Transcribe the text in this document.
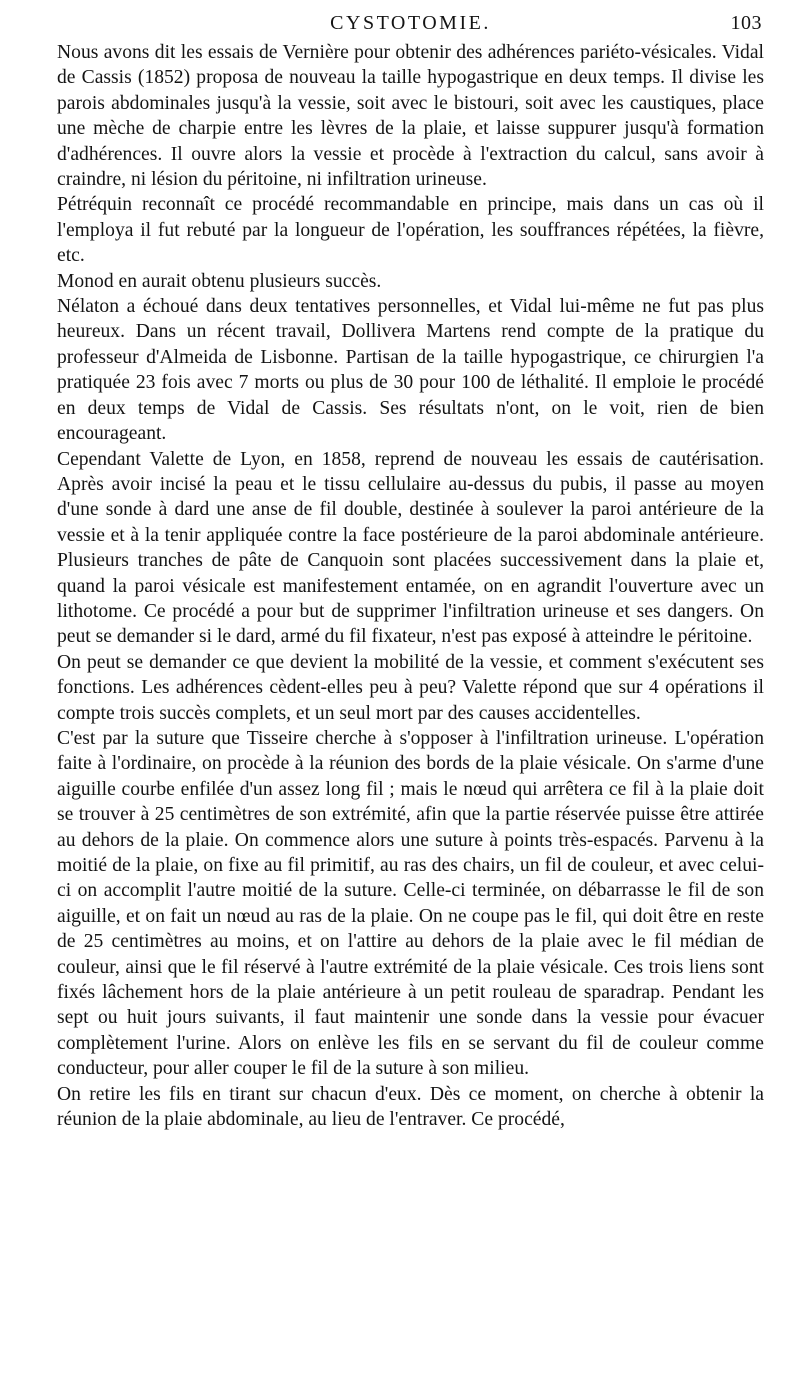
CYSTOTOMIE.	103

Nous avons dit les essais de Vernière pour obtenir des adhérences pariéto-vésicales. Vidal de Cassis (1852) proposa de nouveau la taille hypogastrique en deux temps. Il divise les parois abdominales jusqu'à la vessie, soit avec le bistouri, soit avec les caustiques, place une mèche de charpie entre les lèvres de la plaie, et laisse suppurer jusqu'à formation d'adhérences. Il ouvre alors la vessie et procède à l'extraction du calcul, sans avoir à craindre, ni lésion du péritoine, ni infiltration urineuse.

Pétréquin reconnaît ce procédé recommandable en principe, mais dans un cas où il l'employa il fut rebuté par la longueur de l'opération, les souffrances répétées, la fièvre, etc.

Monod en aurait obtenu plusieurs succès.

Nélaton a échoué dans deux tentatives personnelles, et Vidal lui-même ne fut pas plus heureux. Dans un récent travail, Dollivera Martens rend compte de la pratique du professeur d'Almeida de Lisbonne. Partisan de la taille hypogastrique, ce chirurgien l'a pratiquée 23 fois avec 7 morts ou plus de 30 pour 100 de léthalité. Il emploie le procédé en deux temps de Vidal de Cassis. Ses résultats n'ont, on le voit, rien de bien encourageant.

Cependant Valette de Lyon, en 1858, reprend de nouveau les essais de cautérisation. Après avoir incisé la peau et le tissu cellulaire au-dessus du pubis, il passe au moyen d'une sonde à dard une anse de fil double, destinée à soulever la paroi antérieure de la vessie et à la tenir appliquée contre la face postérieure de la paroi abdominale antérieure. Plusieurs tranches de pâte de Canquoin sont placées successivement dans la plaie et, quand la paroi vésicale est manifestement entamée, on en agrandit l'ouverture avec un lithotome. Ce procédé a pour but de supprimer l'infiltration urineuse et ses dangers. On peut se demander si le dard, armé du fil fixateur, n'est pas exposé à atteindre le péritoine.

On peut se demander ce que devient la mobilité de la vessie, et comment s'exécutent ses fonctions. Les adhérences cèdent-elles peu à peu? Valette répond que sur 4 opérations il compte trois succès complets, et un seul mort par des causes accidentelles.

C'est par la suture que Tisseire cherche à s'opposer à l'infiltration urineuse. L'opération faite à l'ordinaire, on procède à la réunion des bords de la plaie vésicale. On s'arme d'une aiguille courbe enfilée d'un assez long fil ; mais le nœud qui arrêtera ce fil à la plaie doit se trouver à 25 centimètres de son extrémité, afin que la partie réservée puisse être attirée au dehors de la plaie. On commence alors une suture à points très-espacés. Parvenu à la moitié de la plaie, on fixe au fil primitif, au ras des chairs, un fil de couleur, et avec celui-ci on accomplit l'autre moitié de la suture. Celle-ci terminée, on débarrasse le fil de son aiguille, et on fait un nœud au ras de la plaie. On ne coupe pas le fil, qui doit être en reste de 25 centimètres au moins, et on l'attire au dehors de la plaie avec le fil médian de couleur, ainsi que le fil réservé à l'autre extrémité de la plaie vésicale. Ces trois liens sont fixés lâchement hors de la plaie antérieure à un petit rouleau de sparadrap. Pendant les sept ou huit jours suivants, il faut maintenir une sonde dans la vessie pour évacuer complètement l'urine. Alors on enlève les fils en se servant du fil de couleur comme conducteur, pour aller couper le fil de la suture à son milieu.

On retire les fils en tirant sur chacun d'eux. Dès ce moment, on cherche à obtenir la réunion de la plaie abdominale, au lieu de l'entraver. Ce procédé,
